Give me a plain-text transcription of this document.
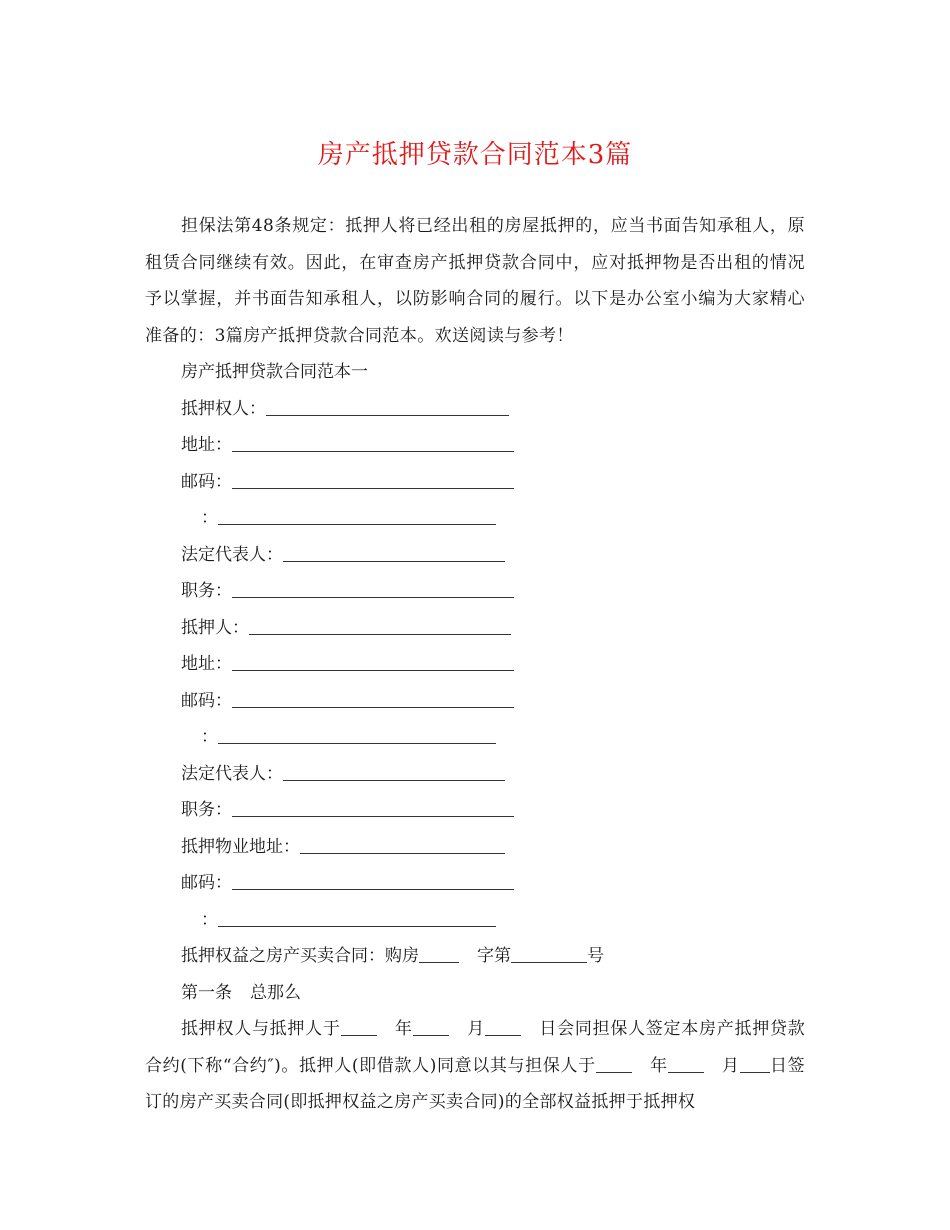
房产抵押贷款合同范本3篇

担保法第48条规定：抵押人将已经出租的房屋抵押的，应当书面告知承租人，原租赁合同继续有效。因此，在审查房产抵押贷款合同中，应对抵押物是否出租的情况予以掌握，并书面告知承租人，以防影响合同的履行。以下是办公室小编为大家精心准备的：3篇房产抵押贷款合同范本。欢送阅读与参考！

房产抵押贷款合同范本一

抵押权人：

地址：

邮码：

：

法定代表人：

职务：

抵押人：

地址：

邮码：

：

法定代表人：

职务：

抵押物业地址：

邮码：

：

抵押权益之房产买卖合同：购房	字第	号

第一条 总那么

抵押权人与抵押人于	年	月	日会同担保人签定本房产抵押贷款合约(下称“合约″)。抵押人(即借款人)同意以其与担保人于	年	月 日签订的房产买卖合同(即抵押权益之房产买卖合同)的全部权益抵押于抵押权
